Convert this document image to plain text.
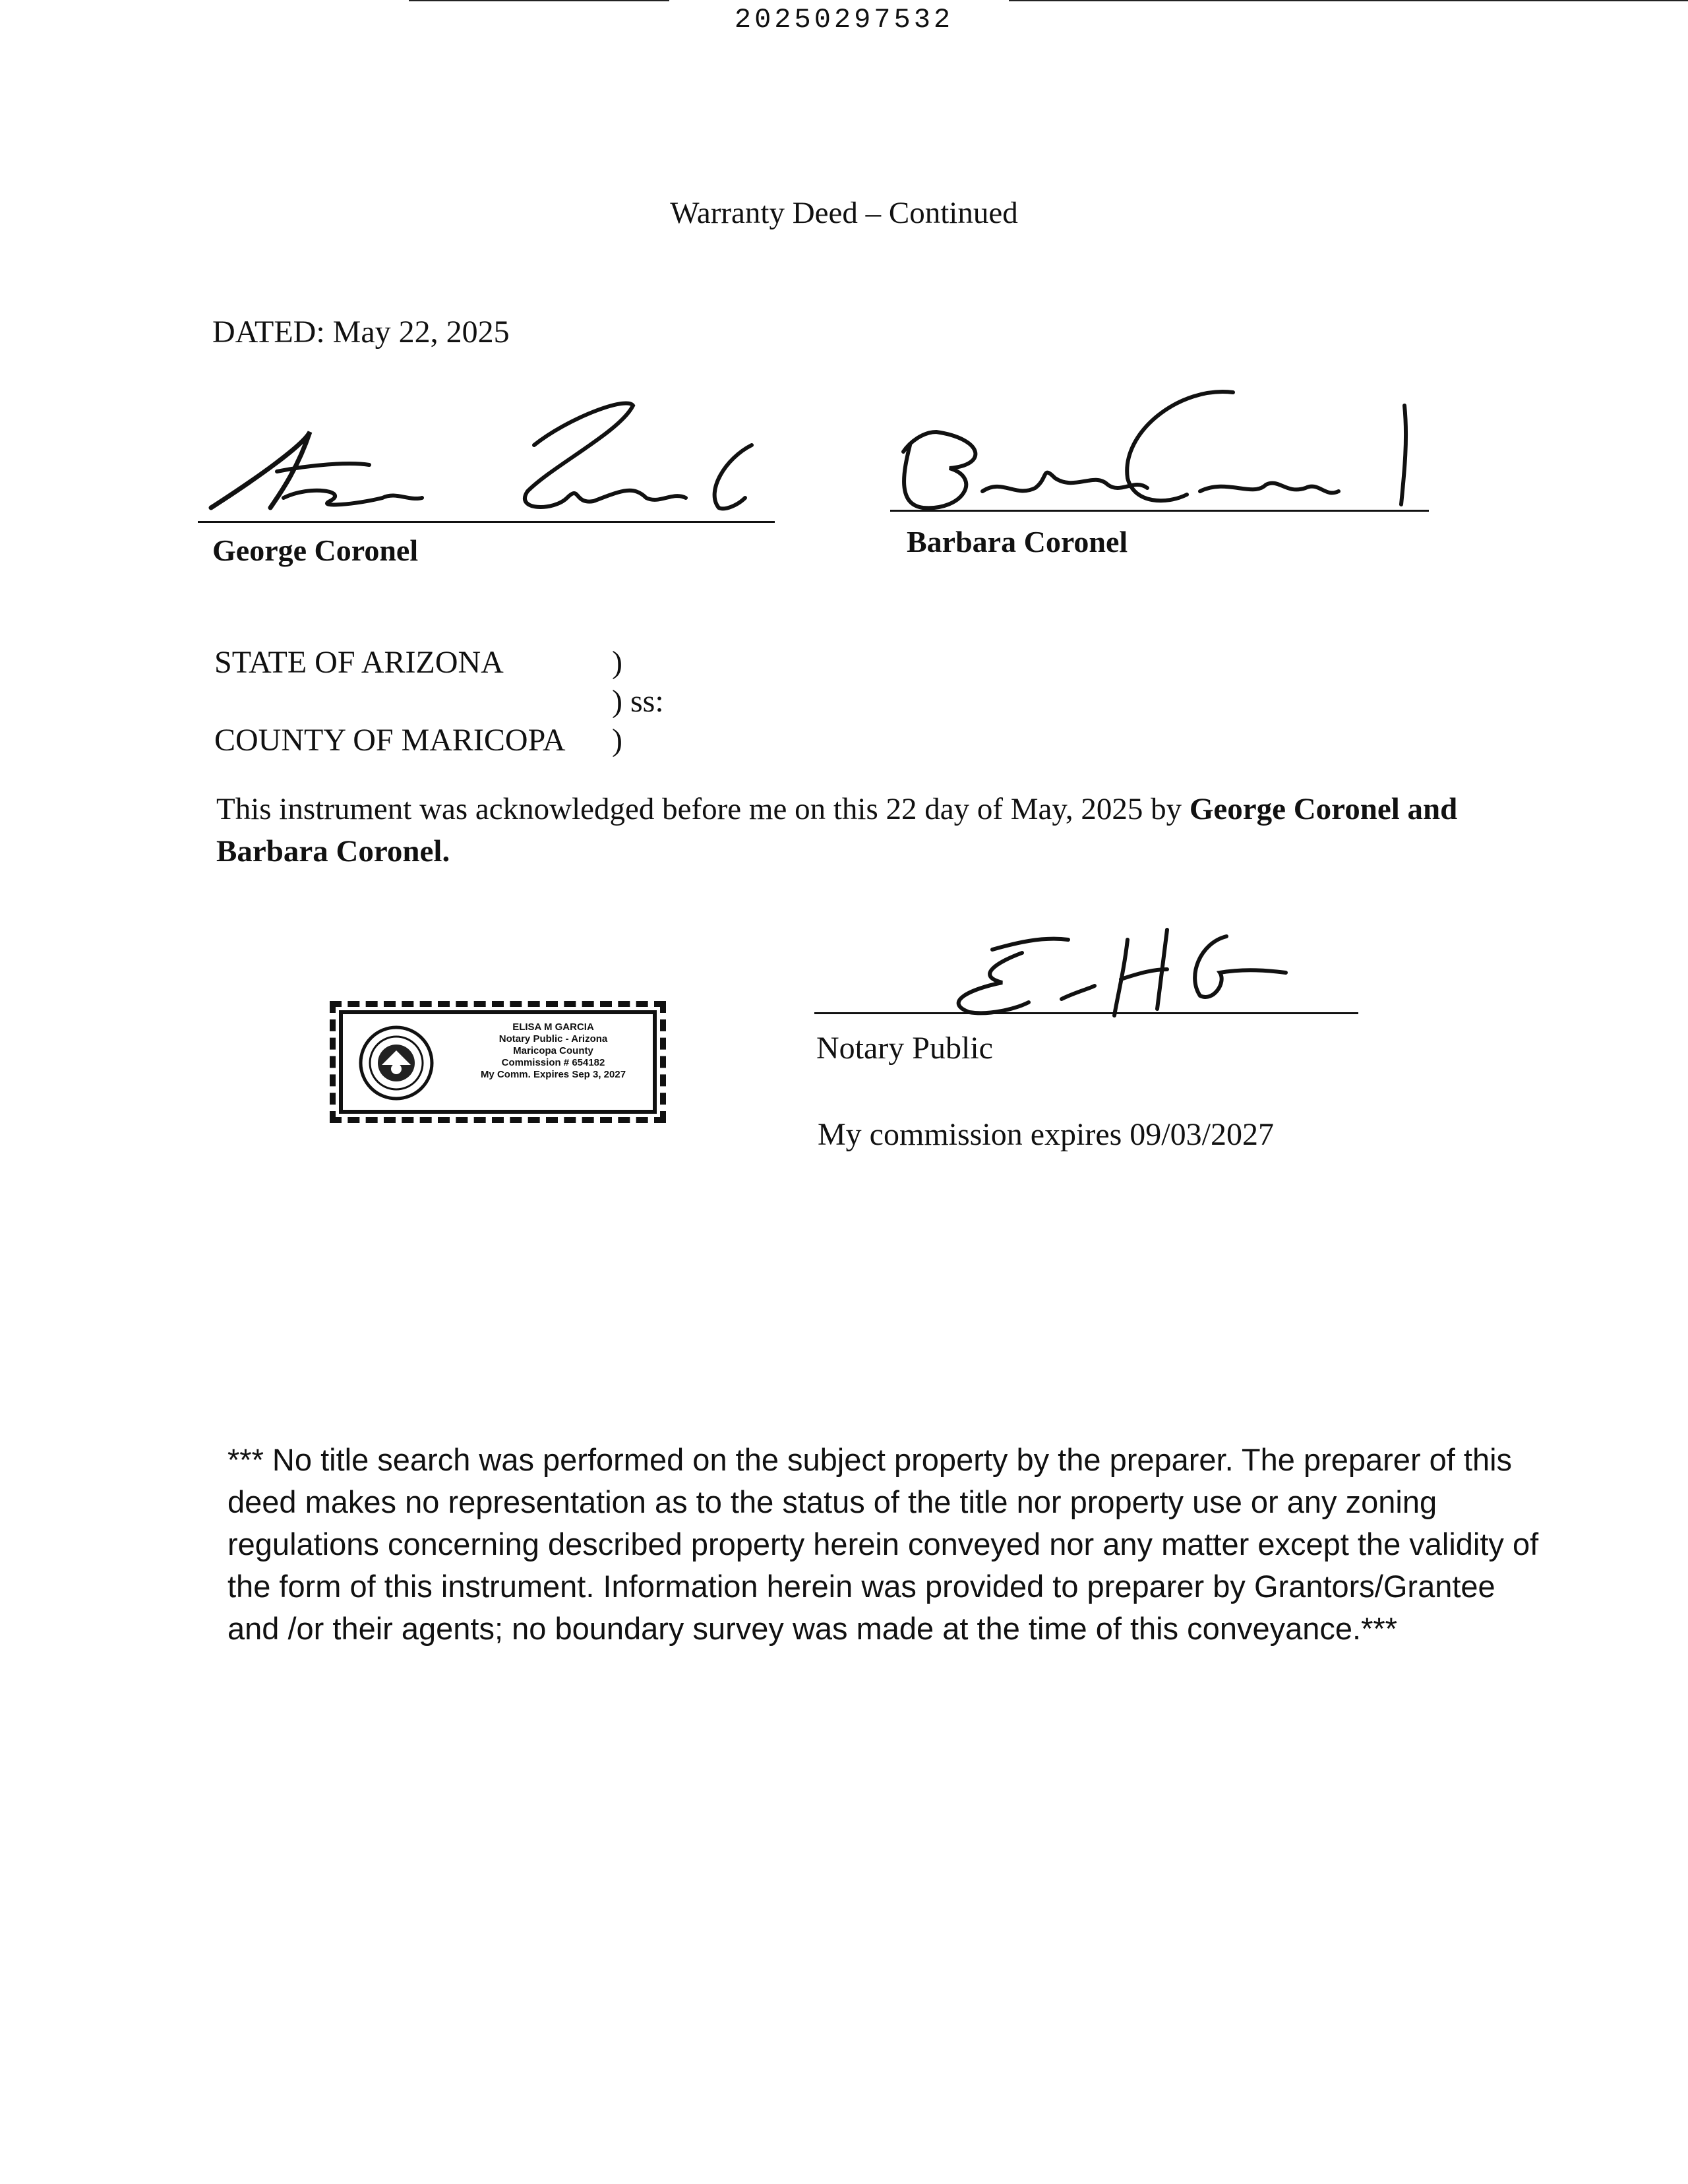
20250297532
Warranty Deed – Continued
DATED: May 22, 2025
George Coronel	Barbara Coronel
STATE OF ARIZONA	)
) ss:
COUNTY OF MARICOPA )
This instrument was acknowledged before me on this 22 day of May, 2025 by George Coronel and Barbara Coronel.
ELISA M GARCIA
Notary Public - Arizona
Maricopa County
Commission # 654182
My Comm. Expires Sep 3, 2027
Notary Public
My commission expires 09/03/2027
*** No title search was performed on the subject property by the preparer. The preparer of this deed makes no representation as to the status of the title nor property use or any zoning regulations concerning described property herein conveyed nor any matter except the validity of the form of this instrument. Information herein was provided to preparer by Grantors/Grantee and /or their agents; no boundary survey was made at the time of this conveyance.***
